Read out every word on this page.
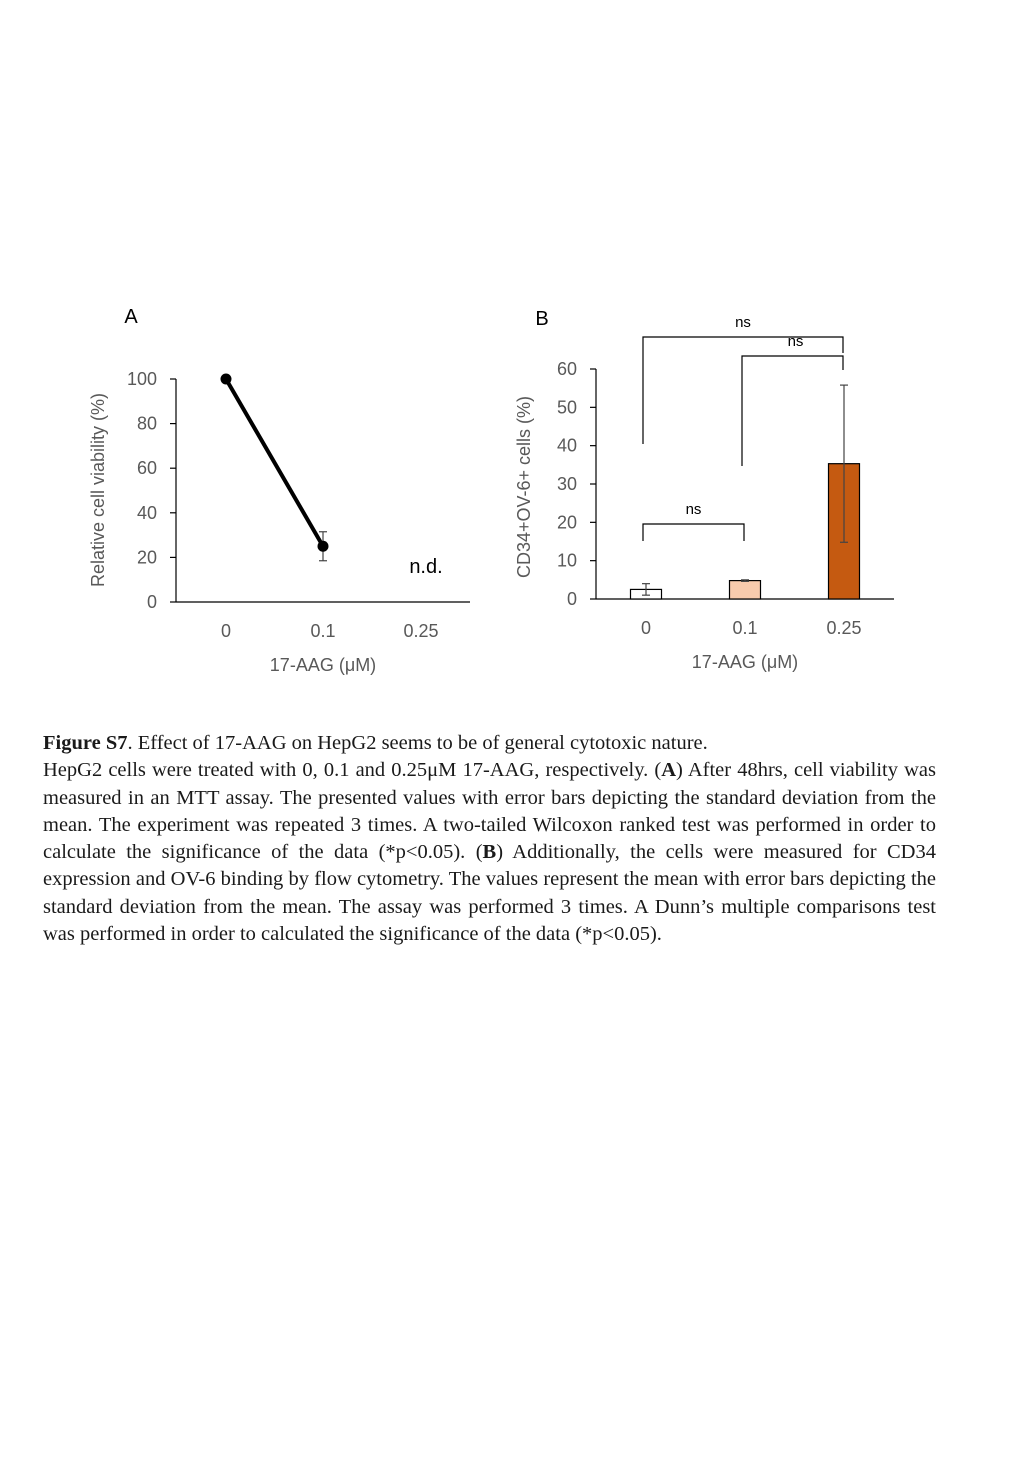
A
Relative cell viability (%)
17-AAG (μM)
n.d.
0
20
40
60
80
100
0	0.1	0.25
B
CD34+OV-6+ cells (%)
17-AAG (μM)
0
10
20
30
40
50
60
0	0.1	0.25
ns
ns
ns

Figure S7. Effect of 17-AAG on HepG2 seems to be of general cytotoxic nature.

HepG2 cells were treated with 0, 0.1 and 0.25μM 17-AAG, respectively. (A) After 48hrs, cell viability was measured in an MTT assay. The presented values with error bars depicting the standard deviation from the mean. The experiment was repeated 3 times. A two-tailed Wilcoxon ranked test was performed in order to calculate the significance of the data (*p<0.05). (B) Additionally, the cells were measured for CD34 expression and OV-6 binding by flow cytometry. The values represent the mean with error bars depicting the standard deviation from the mean. The assay was performed 3 times. A Dunn’s multiple comparisons test was performed in order to calculated the significance of the data (*p<0.05).
